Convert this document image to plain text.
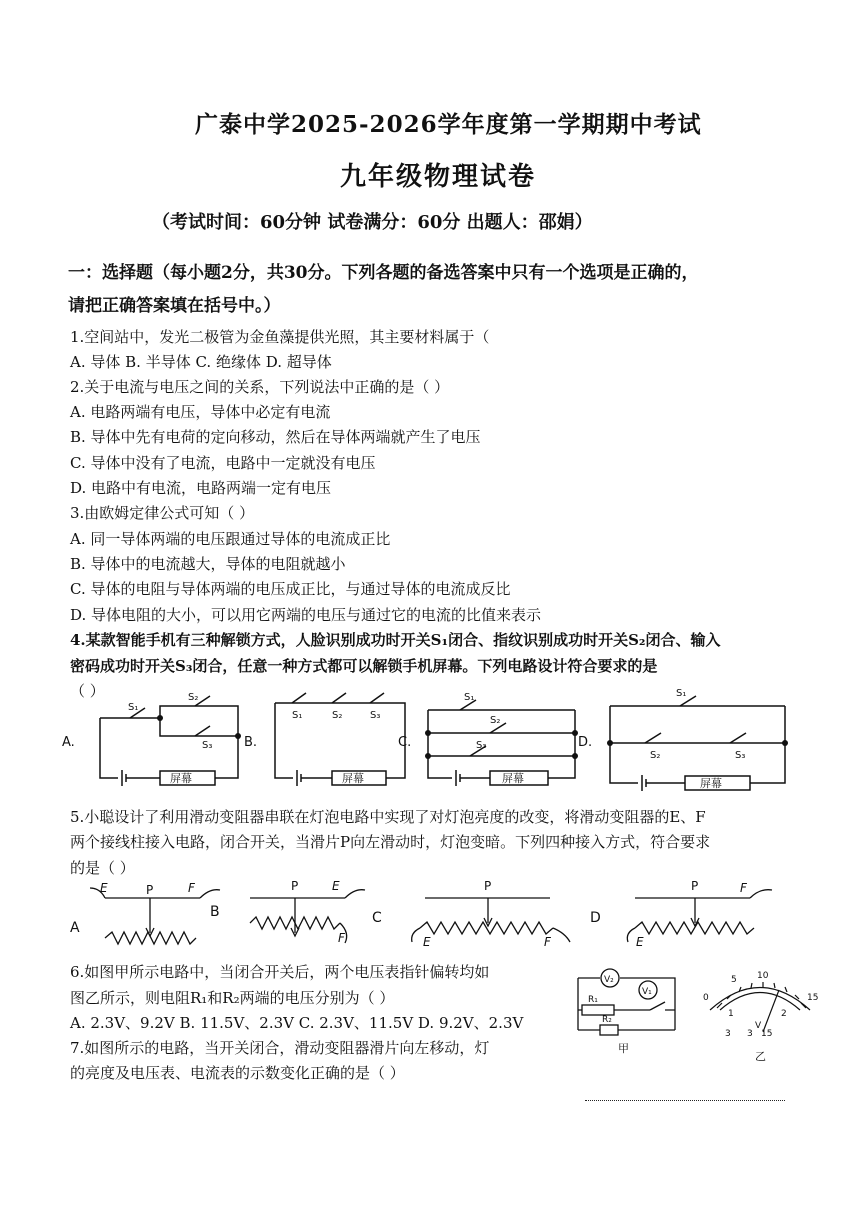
广泰中学2025-2026学年度第一学期期中考试
九年级物理试卷
（考试时间：60分钟 试卷满分：60分 出题人：邵娟）
一：选择题（每小题2分，共30分。下列各题的备选答案中只有一个选项是正确的，
请把正确答案填在括号中。）
1.空间站中，发光二极管为金鱼藻提供光照，其主要材料属于（
A. 导体 B. 半导体 C. 绝缘体 D. 超导体
2.关于电流与电压之间的关系，下列说法中正确的是（ ）
A. 电路两端有电压，导体中必定有电流
B. 导体中先有电荷的定向移动，然后在导体两端就产生了电压
C. 导体中没有了电流，电路中一定就没有电压
D. 电路中有电流，电路两端一定有电压
3.由欧姆定律公式可知（ ）
A. 同一导体两端的电压跟通过导体的电流成正比
B. 导体中的电流越大，导体的电阻就越小
C. 导体的电阻与导体两端的电压成正比，与通过导体的电流成反比
D. 导体电阻的大小，可以用它两端的电压与通过它的电流的比值来表示
4.某款智能手机有三种解锁方式，人脸识别成功时开关S₁闭合、指纹识别成功时开关S₂闭合、输入
密码成功时开关S₃闭合，任意一种方式都可以解锁手机屏幕。下列电路设计符合要求的是
（ ）
A.	B.	C.	D.
屏幕	屏幕	屏幕	屏幕
S₁
S₂
S₃
S₁	S₂	S₃
S₁
S₂
S₃
S₁
S₂	S₃
5.小聪设计了利用滑动变阻器串联在灯泡电路中实现了对灯泡亮度的改变，将滑动变阻器的E、F
两个接线柱接入电路，闭合开关，当滑片P向左滑动时，灯泡变暗。下列四种接入方式，符合要求
的是（ ）
A
B	C	D
P
E	F	P	E
F
P
E	F
P
E
F
6.如图甲所示电路中，当闭合开关后，两个电压表指针偏转均如
图乙所示，则电阻R₁和R₂两端的电压分别为（ ）
A. 2.3V、9.2V B. 11.5V、2.3V C. 2.3V、11.5V D. 9.2V、2.3V
7.如图所示的电路，当开关闭合，滑动变阻器滑片向左移动，灯
的亮度及电压表、电流表的示数变化正确的是（ ）
V₂
V₁
R₁
R₂
甲
0
5 10
15
1	2
V
3 3 15
乙
